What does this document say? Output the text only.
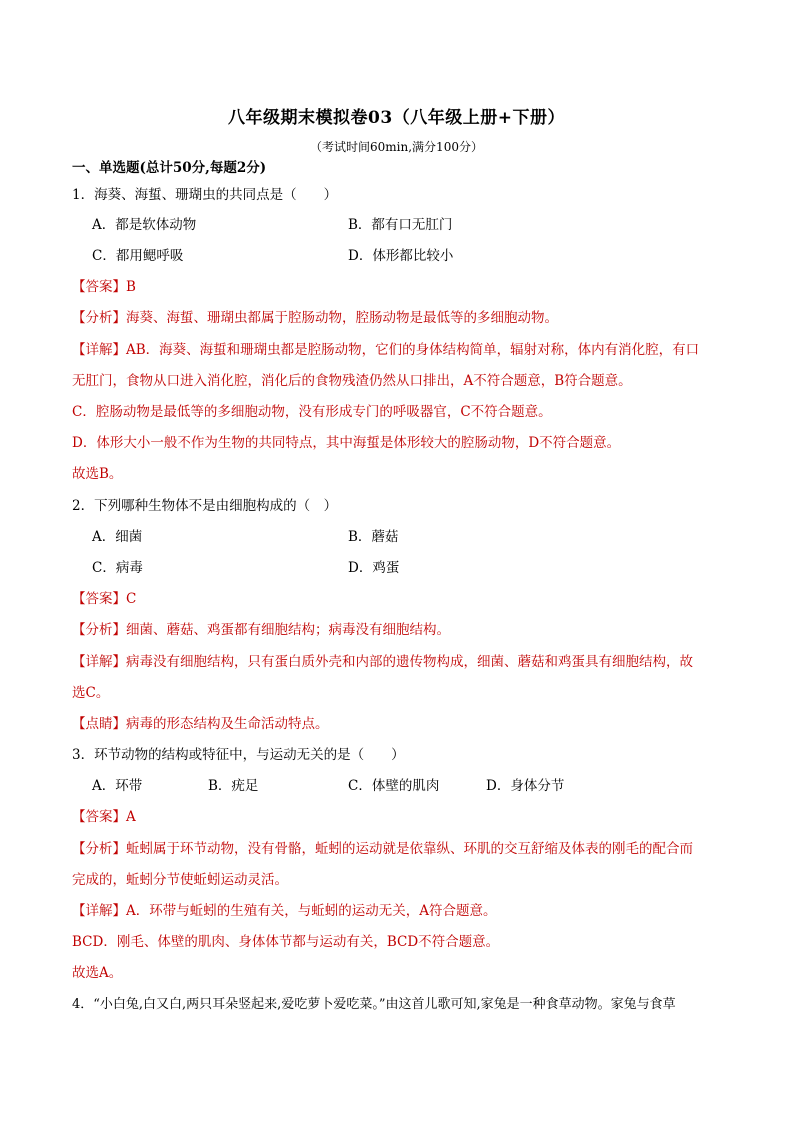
八年级期末模拟卷03（八年级上册+下册）
（考试时间60min,满分100分）
一、单选题(总计50分,每题2分)
1．海葵、海蜇、珊瑚虫的共同点是（　　）
A．都是软体动物	B．都有口无肛门
C．都用鳃呼吸	D．体形都比较小
【答案】B
【分析】海葵、海蜇、珊瑚虫都属于腔肠动物，腔肠动物是最低等的多细胞动物。
【详解】AB．海葵、海蜇和珊瑚虫都是腔肠动物，它们的身体结构简单，辐射对称，体内有消化腔，有口
无肛门，食物从口进入消化腔，消化后的食物残渣仍然从口排出，A不符合题意，B符合题意。
C．腔肠动物是最低等的多细胞动物，没有形成专门的呼吸器官，C不符合题意。
D．体形大小一般不作为生物的共同特点，其中海蜇是体形较大的腔肠动物，D不符合题意。
故选B。
2．下列哪种生物体不是由细胞构成的（　）
A．细菌	B．蘑菇
C．病毒	D．鸡蛋
【答案】C
【分析】细菌、蘑菇、鸡蛋都有细胞结构；病毒没有细胞结构。
【详解】病毒没有细胞结构，只有蛋白质外壳和内部的遗传物构成，细菌、蘑菇和鸡蛋具有细胞结构，故
选C。
【点睛】病毒的形态结构及生命活动特点。
3．环节动物的结构或特征中，与运动无关的是（　　）
A．环带	B．疣足	C．体壁的肌肉	D．身体分节
【答案】A
【分析】蚯蚓属于环节动物，没有骨骼，蚯蚓的运动就是依靠纵、环肌的交互舒缩及体表的刚毛的配合而
完成的，蚯蚓分节使蚯蚓运动灵活。
【详解】A．环带与蚯蚓的生殖有关，与蚯蚓的运动无关，A符合题意。
BCD．刚毛、体壁的肌肉、身体体节都与运动有关，BCD不符合题意。
故选A。
4．“小白兔,白又白,两只耳朵竖起来,爱吃萝卜爱吃菜。”由这首儿歌可知,家兔是一种食草动物。家兔与食草
